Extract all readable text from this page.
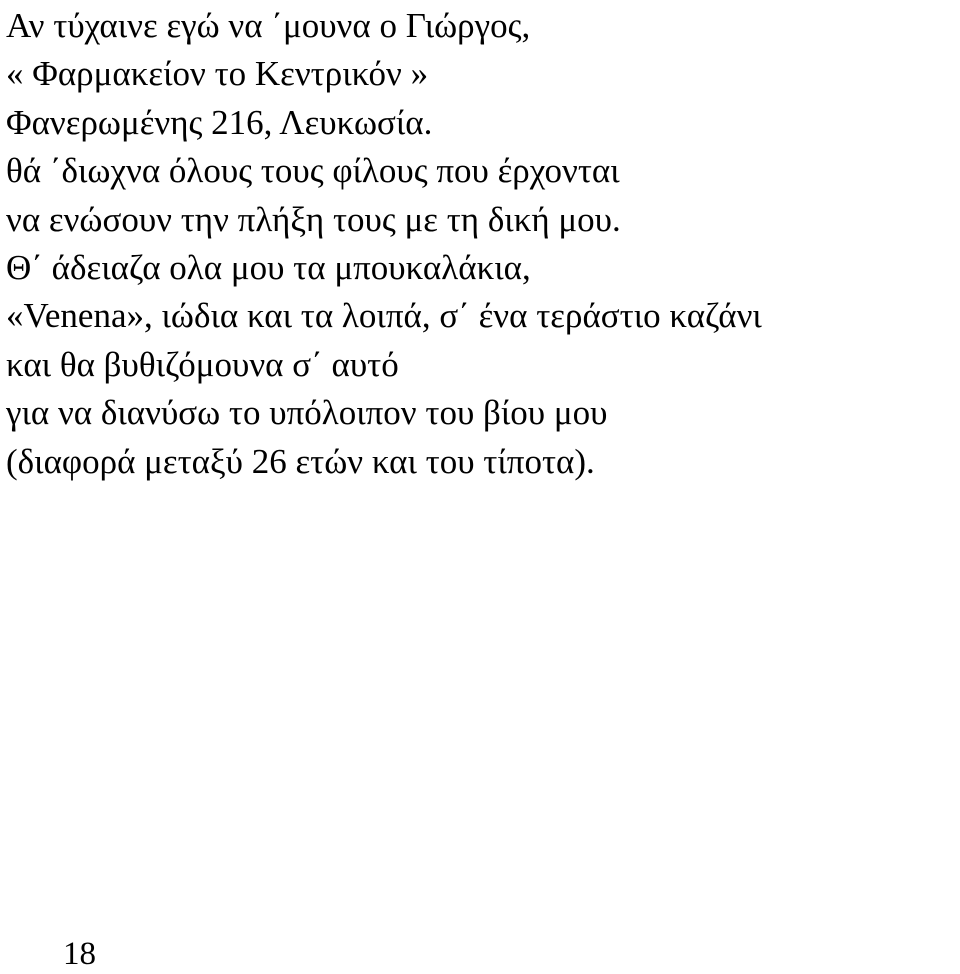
Αν τύχαινε εγώ να ΄μουνα ο Γιώργος,
« Φαρμακείον το Κεντρικόν »
Φανερωμένης 216, Λευκωσία.
θά ΄διωχνα όλους τους φίλους που έρχονται
να ενώσουν την πλήξη τους με τη δική μου.
Θ΄ άδειαζα ολα μου τα μπουκαλάκια,
«Venena», ιώδια και τα λοιπά, σ΄ ένα τεράστιο καζάνι
και θα βυθιζόμουνα σ΄ αυτό
για να διανύσω το υπόλοιπον του βίου μου
(διαφορά μεταξύ 26 ετών και του τίποτα).
18
